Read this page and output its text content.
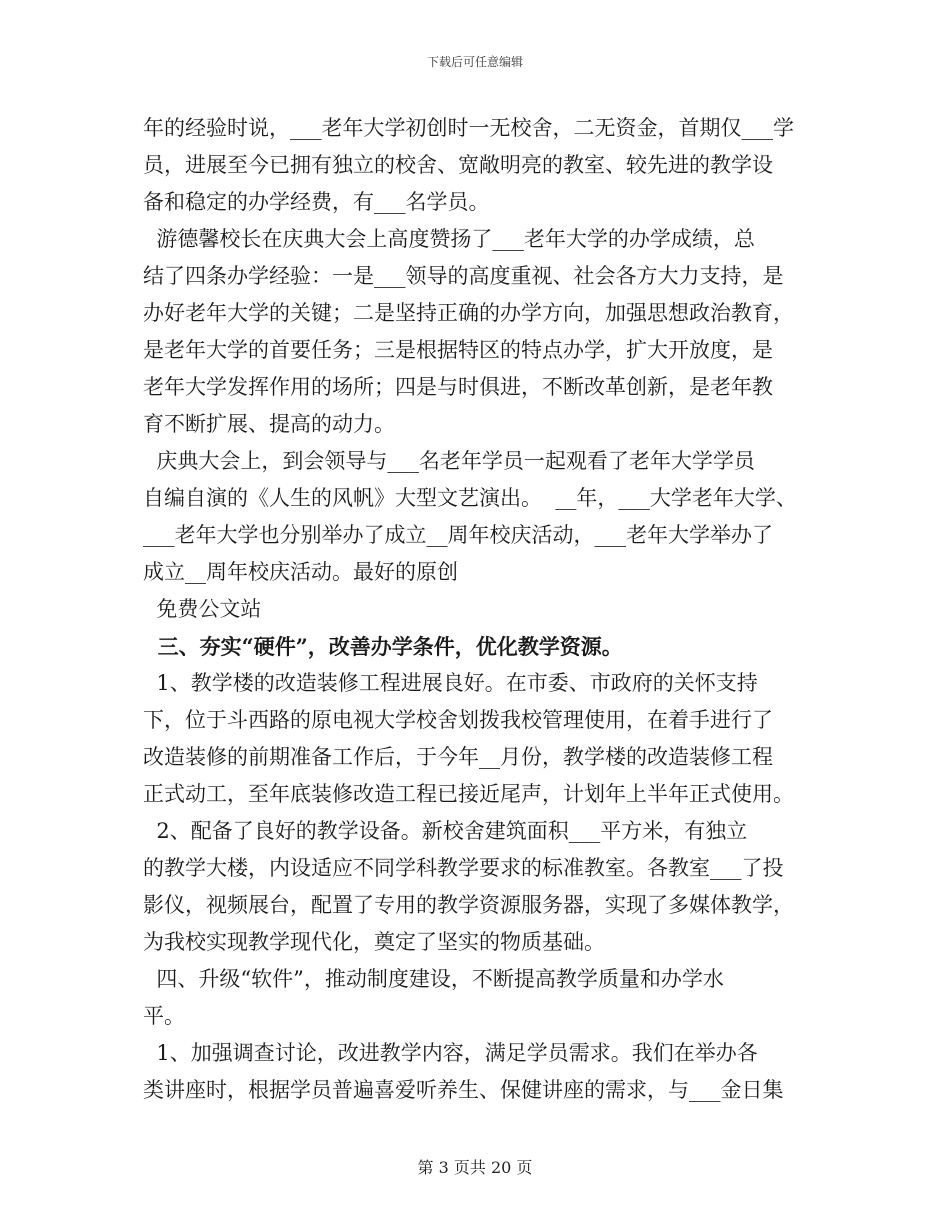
下载后可任意编辑
年的经验时说，___老年大学初创时一无校舍，二无资金，首期仅___学
员，进展至今已拥有独立的校舍、宽敞明亮的教室、较先进的教学设
备和稳定的办学经费，有___名学员。
游德馨校长在庆典大会上高度赞扬了___老年大学的办学成绩，总
结了四条办学经验：一是___领导的高度重视、社会各方大力支持，是
办好老年大学的关键；二是坚持正确的办学方向，加强思想政治教育，
是老年大学的首要任务；三是根据特区的特点办学，扩大开放度，是
老年大学发挥作用的场所；四是与时俱进，不断改革创新，是老年教
育不断扩展、提高的动力。
庆典大会上，到会领导与___名老年学员一起观看了老年大学学员
自编自演的《人生的风帆》大型文艺演出。  __年，___大学老年大学、
___老年大学也分别举办了成立__周年校庆活动，___老年大学举办了
成立__周年校庆活动。最好的原创
免费公文站
三、夯实“硬件”，改善办学条件，优化教学资源。
1、教学楼的改造装修工程进展良好。在市委、市政府的关怀支持
下，位于斗西路的原电视大学校舍划拨我校管理使用，在着手进行了
改造装修的前期准备工作后，于今年__月份，教学楼的改造装修工程
正式动工，至年底装修改造工程已接近尾声，计划年上半年正式使用。
2、配备了良好的教学设备。新校舍建筑面积___平方米，有独立
的教学大楼，内设适应不同学科教学要求的标准教室。各教室___了投
影仪，视频展台，配置了专用的教学资源服务器，实现了多媒体教学，
为我校实现教学现代化，奠定了坚实的物质基础。
四、升级“软件”，推动制度建设，不断提高教学质量和办学水
平。
1、加强调查讨论，改进教学内容，满足学员需求。我们在举办各
类讲座时，根据学员普遍喜爱听养生、保健讲座的需求，与___金日集
第 3 页共 20 页
